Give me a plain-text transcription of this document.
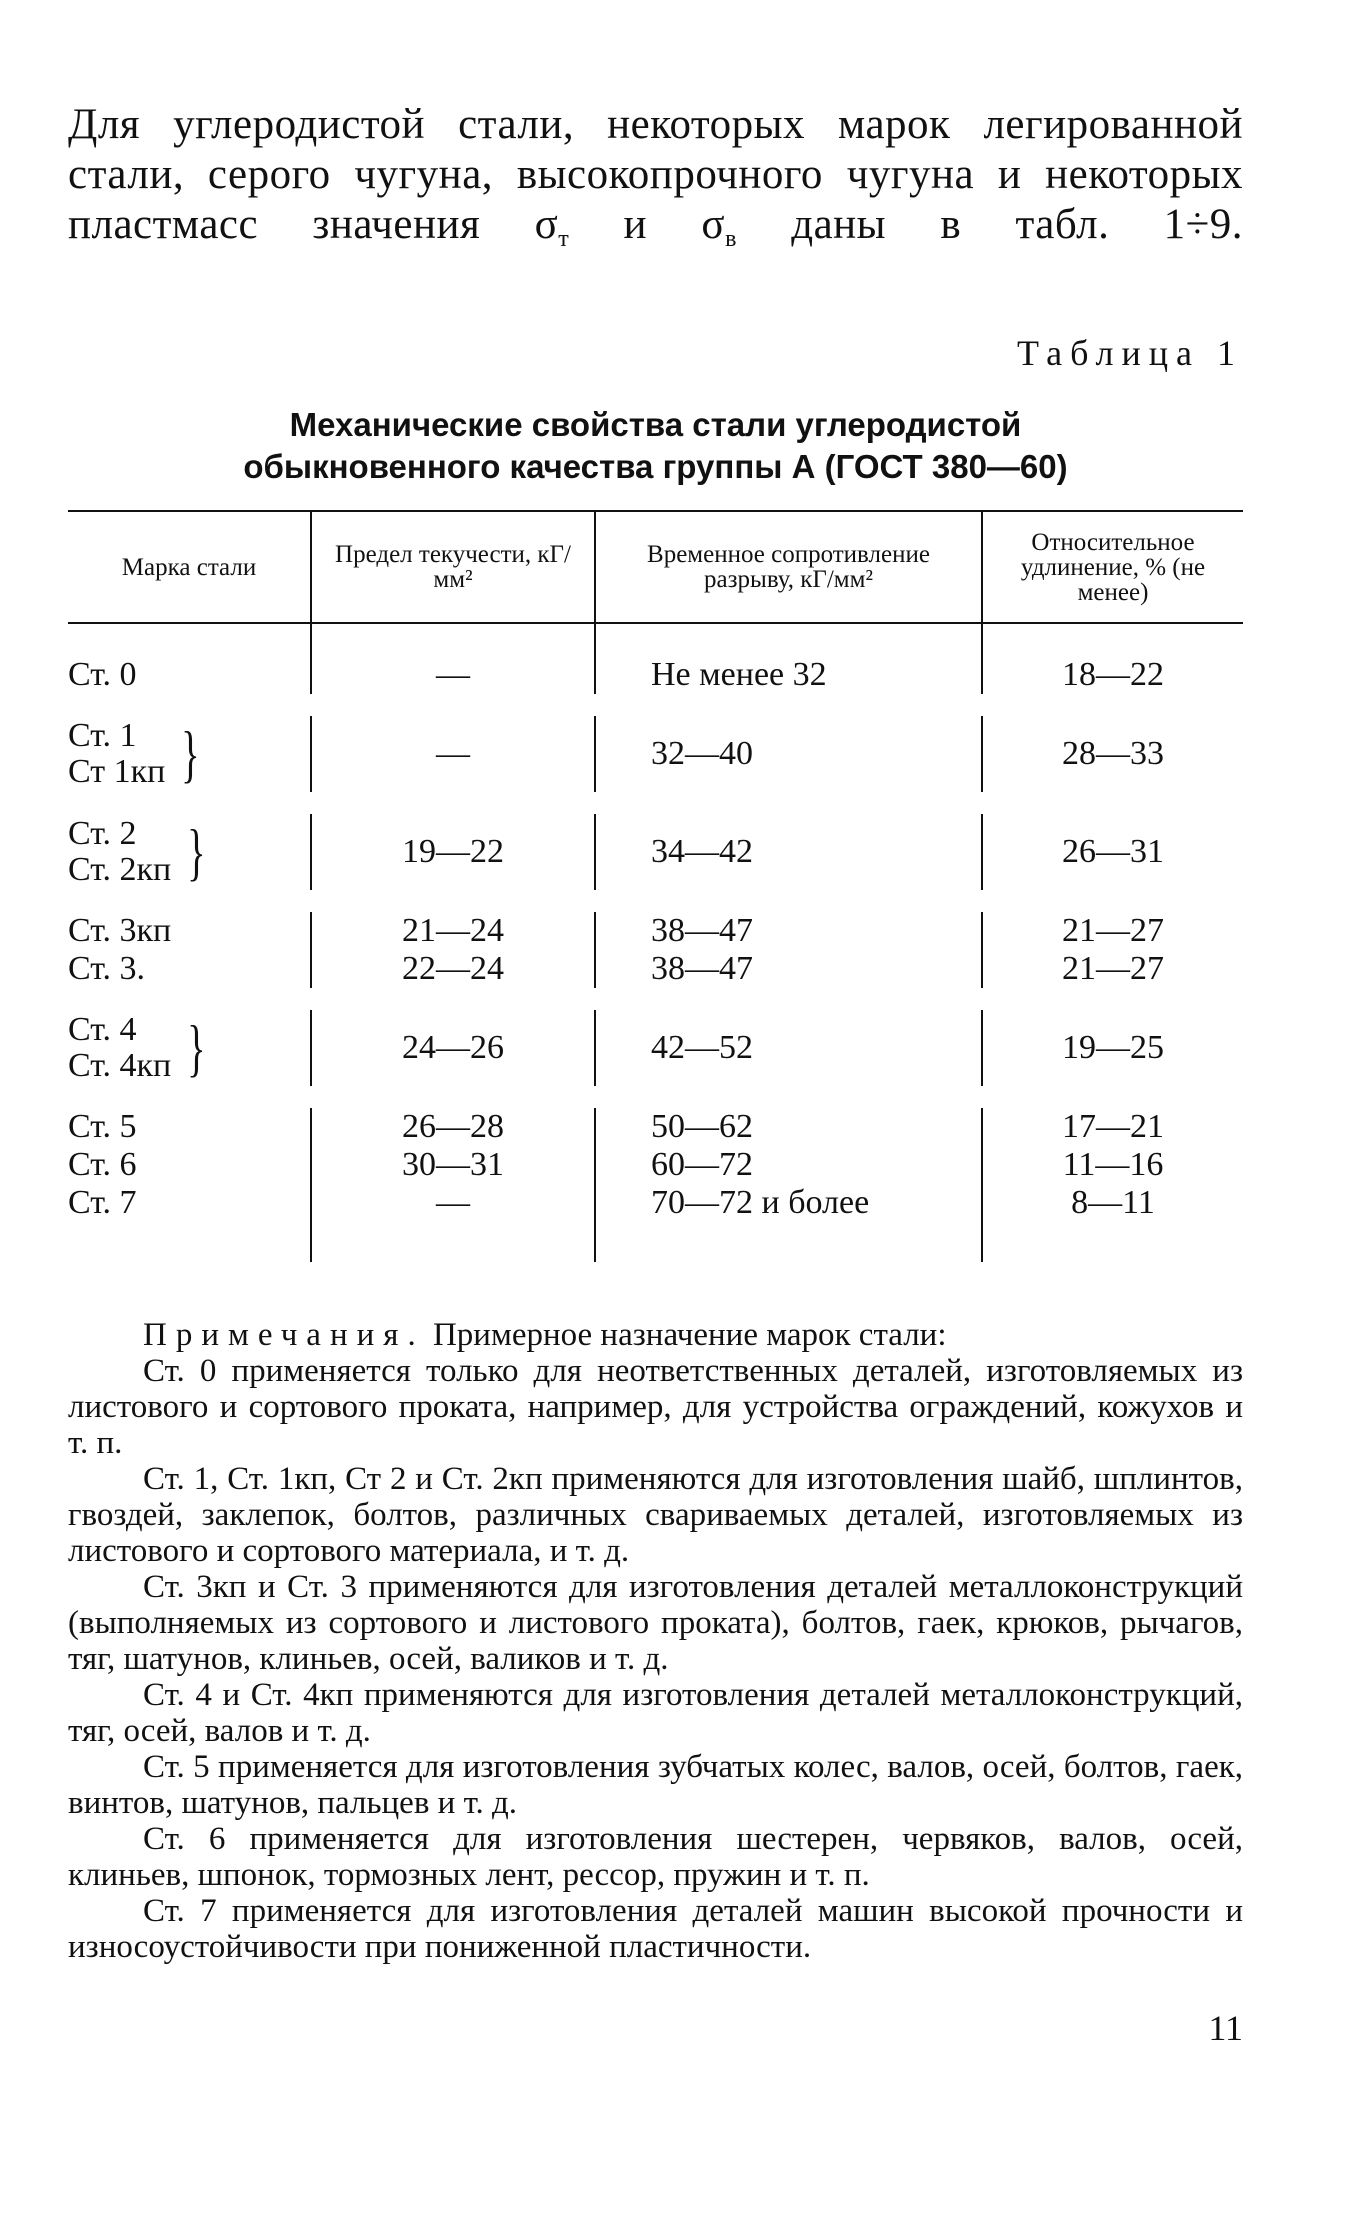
Для углеродистой стали, некоторых марок легированной стали, серого чугуна, высокопрочного чугуна и некоторых пластмасс значения $\sigma_т$ и $\sigma_в$ даны в табл. 1÷9.

Таблица 1
Механические свойства стали углеродистой
обыкновенного качества группы А (ГОСТ 380—60)
Марка стали	Предел текучести, кГ/мм²	Временное сопротивление разрыву, кГ/мм²	Относительное удлинение, % (не менее)

Ст. 0	—	Не менее 32	18—22

Ст. 1
Ст 1кп }	—	32—40	28—33

Ст. 2
Ст. 2кп }	19—22	34—42	26—31

Ст. 3кп	21—24	38—47	21—27

Ст. 3.	22—24	38—47	21—27

Ст. 4
Ст. 4кп }	24—26	42—52	19—25

Ст. 5	26—28	50—62	17—21

Ст. 6	30—31	60—72	11—16

Ст. 7	—	70—72 и более	8—11

Примечания. Примерное назначение марок стали:

Ст. 0 применяется только для неответственных деталей, изготовляемых из листового и сортового проката, например, для устройства ограждений, кожухов и т. п.

Ст. 1, Ст. 1кп, Ст 2 и Ст. 2кп применяются для изготовления шайб, шплинтов, гвоздей, заклепок, болтов, различных свариваемых деталей, изготовляемых из листового и сортового материала, и т. д.

Ст. 3кп и Ст. 3 применяются для изготовления деталей металлоконструкций (выполняемых из сортового и листового проката), болтов, гаек, крюков, рычагов, тяг, шатунов, клиньев, осей, валиков и т. д.

Ст. 4 и Ст. 4кп применяются для изготовления деталей металлоконструкций, тяг, осей, валов и т. д.

Ст. 5 применяется для изготовления зубчатых колес, валов, осей, болтов, гаек, винтов, шатунов, пальцев и т. д.

Ст. 6 применяется для изготовления шестерен, червяков, валов, осей, клиньев, шпонок, тормозных лент, рессор, пружин и т. п.

Ст. 7 применяется для изготовления деталей машин высокой прочности и износоустойчивости при пониженной пластичности.

11
